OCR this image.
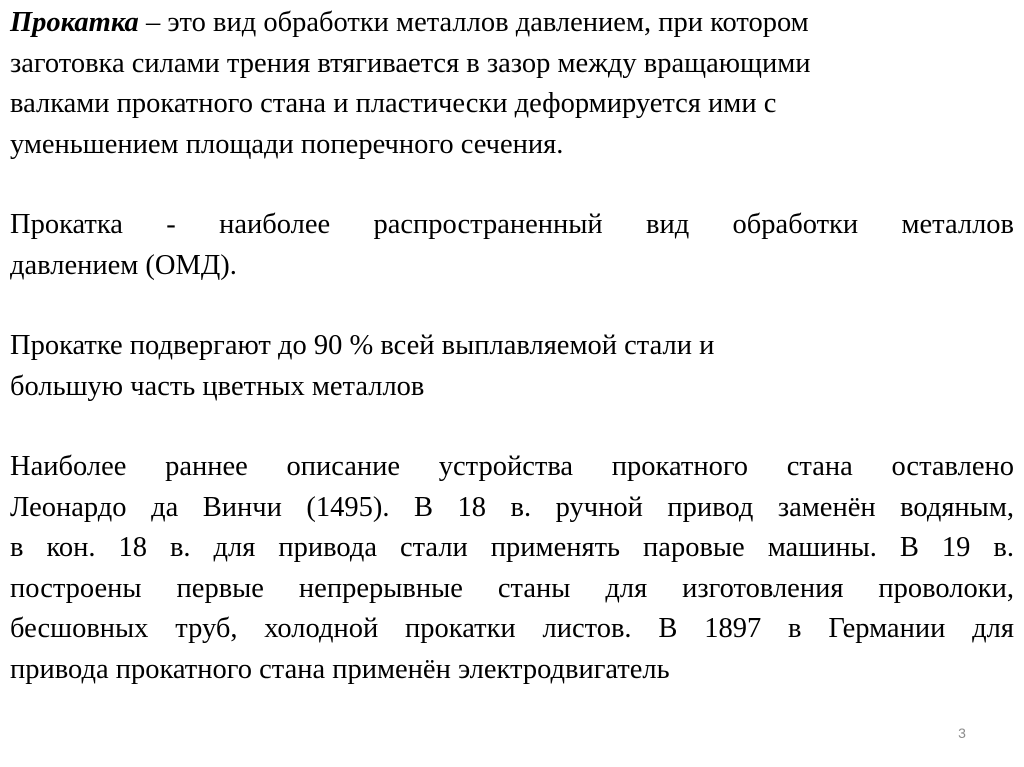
Прокатка – это вид обработки металлов давлением, при котором
заготовка силами трения втягивается в зазор между вращающими
валками прокатного стана и пластически деформируется ими с
уменьшением площади поперечного сечения.
Прокатка - наиболее распространенный вид обработки металлов
давлением (ОМД).
Прокатке подвергают до 90 % всей выплавляемой стали и
большую часть цветных металлов
Наиболее раннее описание устройства прокатного стана оставлено
Леонардо да Винчи (1495). В 18 в. ручной привод заменён водяным,
в кон. 18 в. для привода стали применять паровые машины. В 19 в.
построены первые непрерывные станы для изготовления проволоки,
бесшовных труб, холодной прокатки листов. В 1897 в Германии для
привода прокатного стана применён электродвигатель
3
